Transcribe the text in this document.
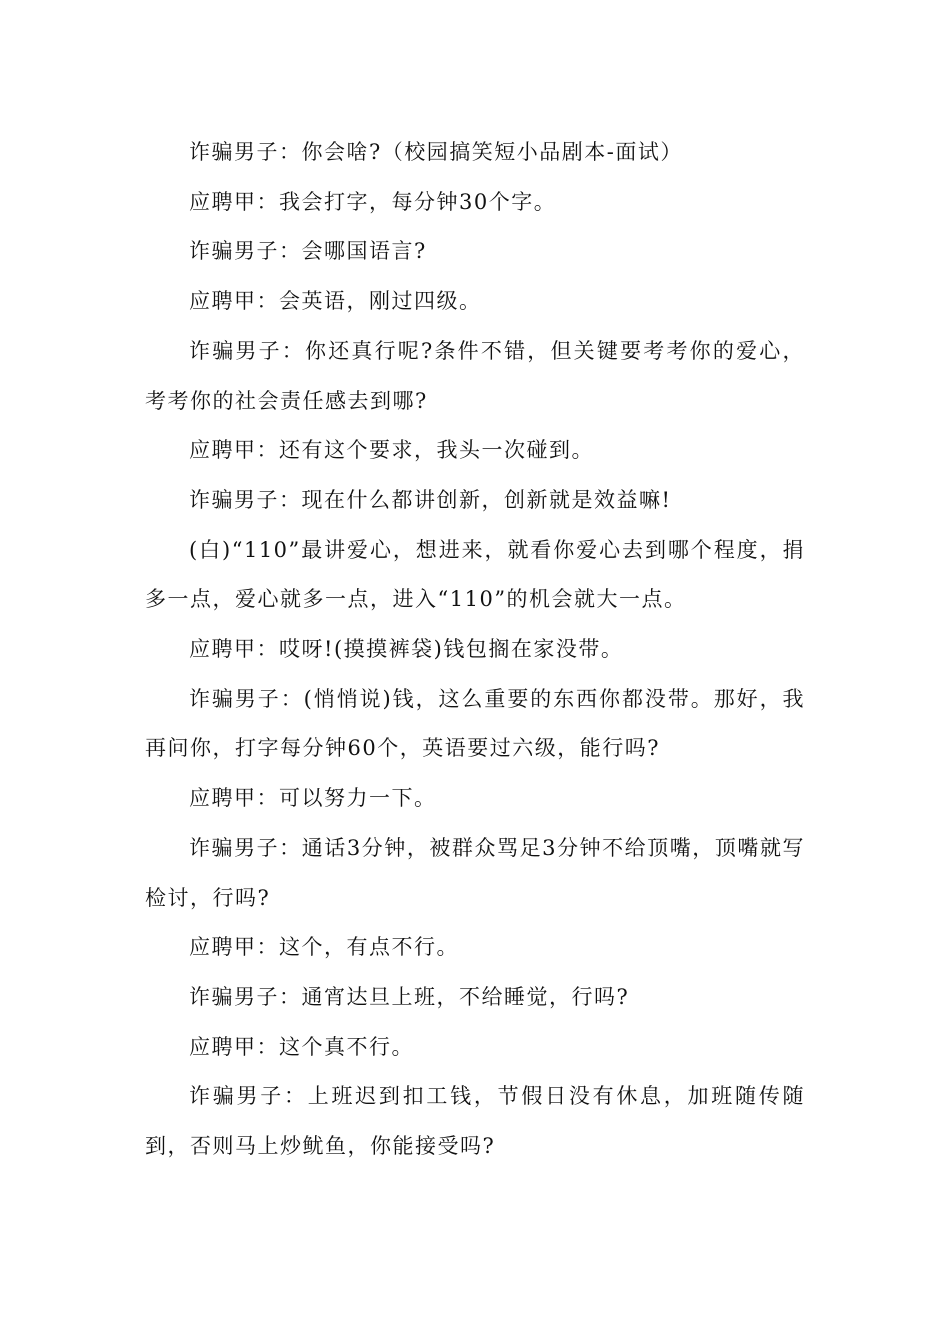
诈骗男子：你会啥?（校园搞笑短小品剧本-面试）

应聘甲：我会打字，每分钟30个字。

诈骗男子：会哪国语言?

应聘甲：会英语，刚过四级。

诈骗男子：你还真行呢?条件不错，但关键要考考你的爱心，考考你的社会责任感去到哪?

应聘甲：还有这个要求，我头一次碰到。

诈骗男子：现在什么都讲创新，创新就是效益嘛!

(白)“110”最讲爱心，想进来，就看你爱心去到哪个程度，捐多一点，爱心就多一点，进入“110”的机会就大一点。

应聘甲：哎呀!(摸摸裤袋)钱包搁在家没带。

诈骗男子：(悄悄说)钱，这么重要的东西你都没带。那好，我再问你，打字每分钟60个，英语要过六级，能行吗?

应聘甲：可以努力一下。

诈骗男子：通话3分钟，被群众骂足3分钟不给顶嘴，顶嘴就写检讨，行吗?

应聘甲：这个，有点不行。

诈骗男子：通宵达旦上班，不给睡觉，行吗?

应聘甲：这个真不行。

诈骗男子：上班迟到扣工钱，节假日没有休息，加班随传随到，否则马上炒鱿鱼，你能接受吗?
